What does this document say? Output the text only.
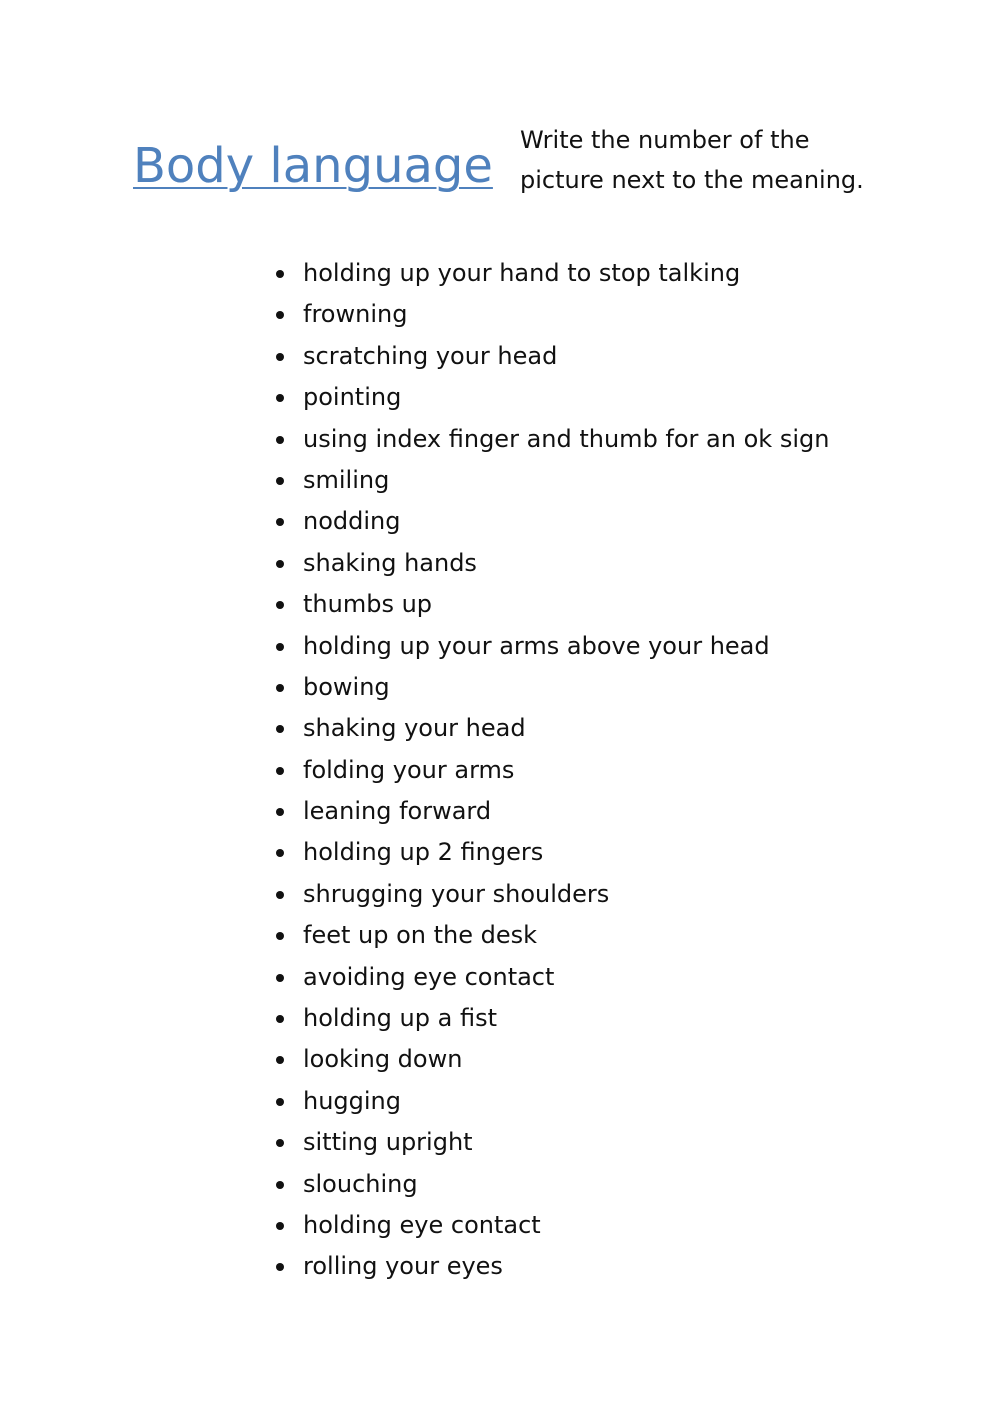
Body language Write the number of the
picture next to the meaning.
holding up your hand to stop talking
frowning
scratching your head
pointing
using index finger and thumb for an ok sign
smiling
nodding
shaking hands
thumbs up
holding up your arms above your head
bowing
shaking your head
folding your arms
leaning forward
holding up 2 fingers
shrugging your shoulders
feet up on the desk
avoiding eye contact
holding up a fist
looking down
hugging
sitting upright
slouching
holding eye contact
rolling your eyes
